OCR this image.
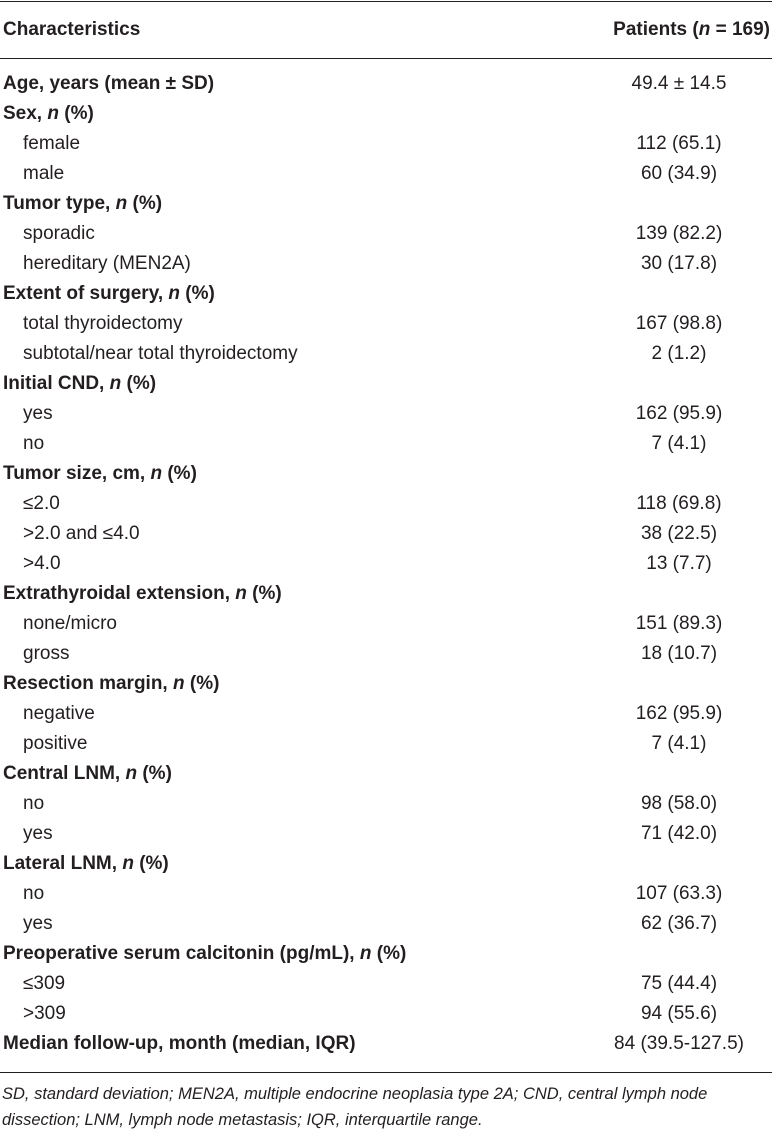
Characteristics	Patients (n = 169)
Age, years (mean ± SD)	49.4 ± 14.5
Sex, n (%)
female	112 (65.1)
male	60 (34.9)
Tumor type, n (%)
sporadic	139 (82.2)
hereditary (MEN2A)	30 (17.8)
Extent of surgery, n (%)
total thyroidectomy	167 (98.8)
subtotal/near total thyroidectomy	2 (1.2)
Initial CND, n (%)
yes	162 (95.9)
no	7 (4.1)
Tumor size, cm, n (%)
≤2.0	118 (69.8)
>2.0 and ≤4.0	38 (22.5)
>4.0	13 (7.7)
Extrathyroidal extension, n (%)
none/micro	151 (89.3)
gross	18 (10.7)
Resection margin, n (%)
negative	162 (95.9)
positive	7 (4.1)
Central LNM, n (%)
no	98 (58.0)
yes	71 (42.0)
Lateral LNM, n (%)
no	107 (63.3)
yes	62 (36.7)
Preoperative serum calcitonin (pg/mL), n (%)
≤309	75 (44.4)
>309	94 (55.6)
Median follow-up, month (median, IQR)	84 (39.5-127.5)
SD, standard deviation; MEN2A, multiple endocrine neoplasia type 2A; CND, central lymph node dissection; LNM, lymph node metastasis; IQR, interquartile range.
